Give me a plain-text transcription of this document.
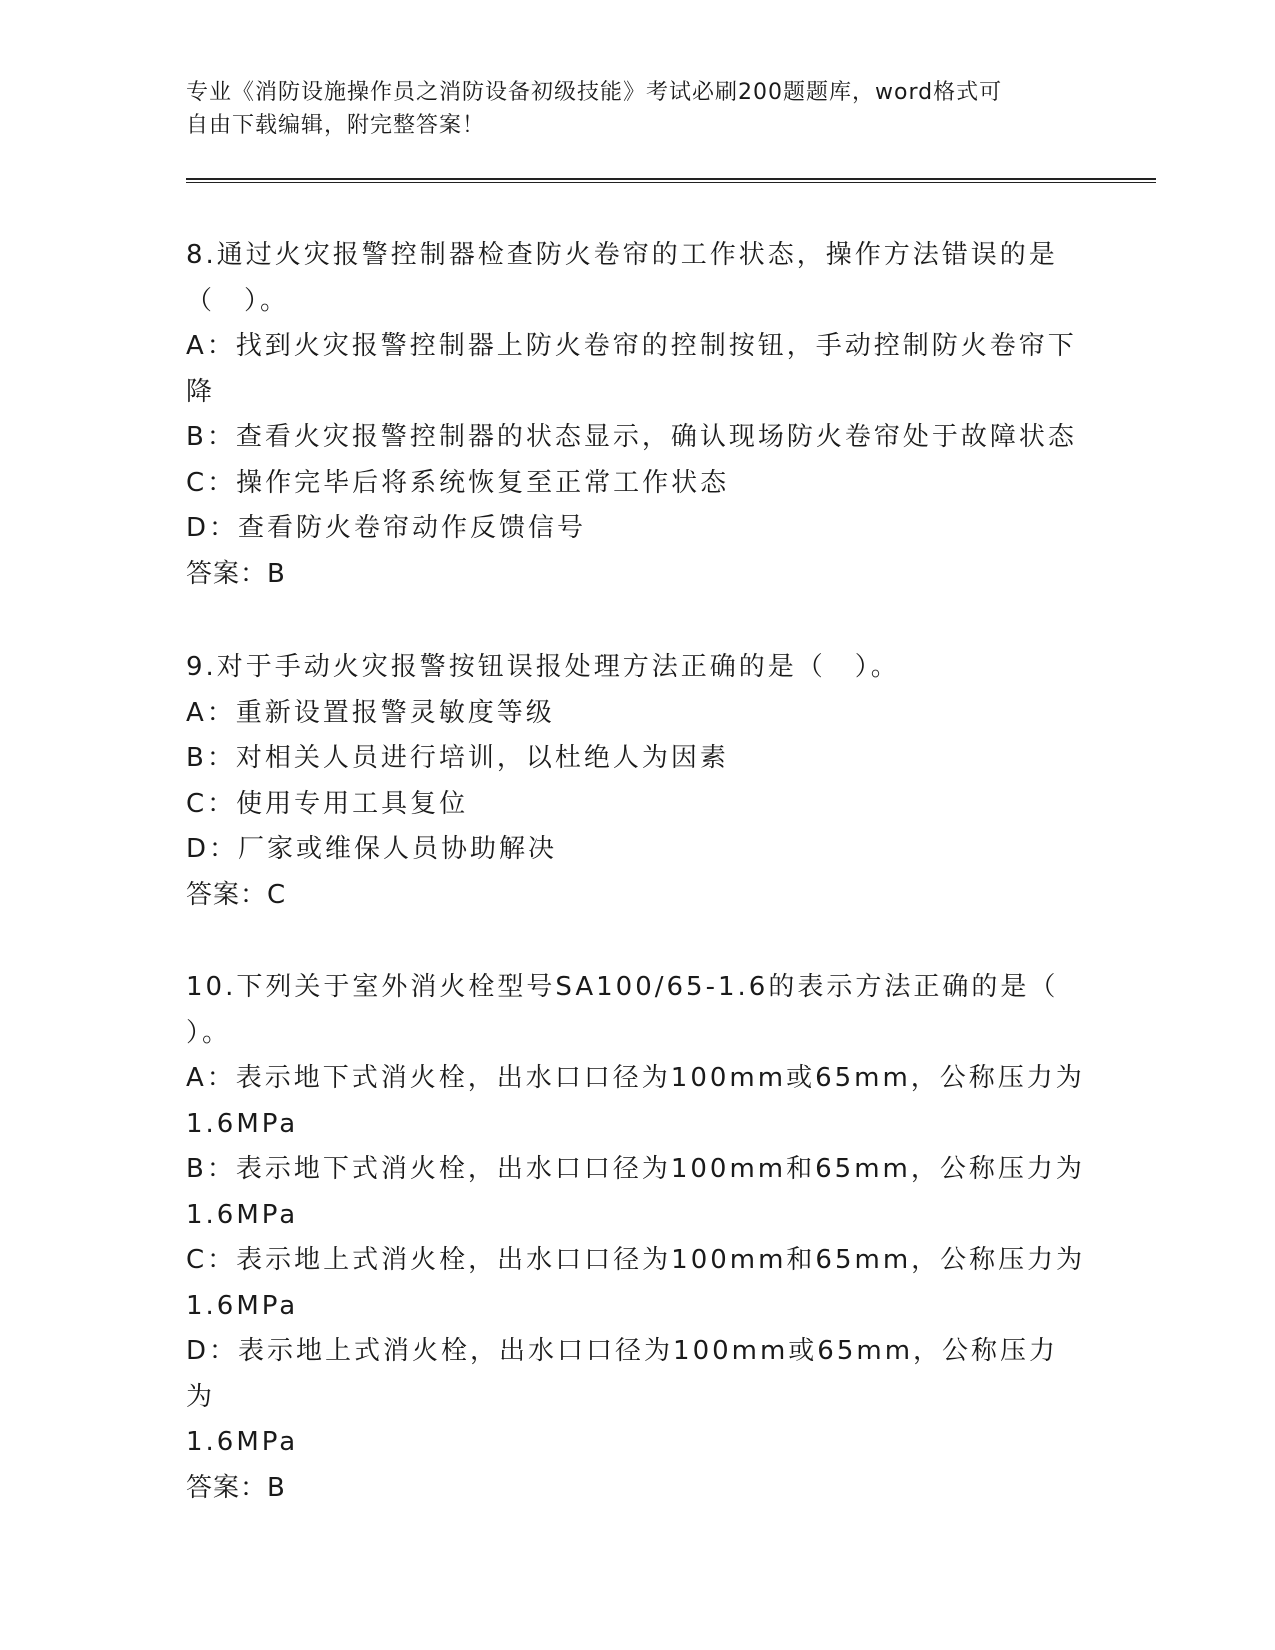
专业《消防设施操作员之消防设备初级技能》考试必刷200题题库，word格式可
自由下载编辑，附完整答案！

8.通过火灾报警控制器检查防火卷帘的工作状态，操作方法错误的是

（　）。

A：找到火灾报警控制器上防火卷帘的控制按钮，手动控制防火卷帘下

降

B：查看火灾报警控制器的状态显示，确认现场防火卷帘处于故障状态

C：操作完毕后将系统恢复至正常工作状态

D：查看防火卷帘动作反馈信号

答案：B

9.对于手动火灾报警按钮误报处理方法正确的是（　）。

A：重新设置报警灵敏度等级

B：对相关人员进行培训，以杜绝人为因素

C：使用专用工具复位

D：厂家或维保人员协助解决

答案：C

10.下列关于室外消火栓型号SA100/65-1.6的表示方法正确的是（

）。

A：表示地下式消火栓，出水口口径为100mm或65mm，公称压力为

1.6MPa

B：表示地下式消火栓，出水口口径为100mm和65mm，公称压力为

1.6MPa

C：表示地上式消火栓，出水口口径为100mm和65mm，公称压力为

1.6MPa

D：表示地上式消火栓，出水口口径为100mm或65mm，公称压力为

1.6MPa

答案：B
